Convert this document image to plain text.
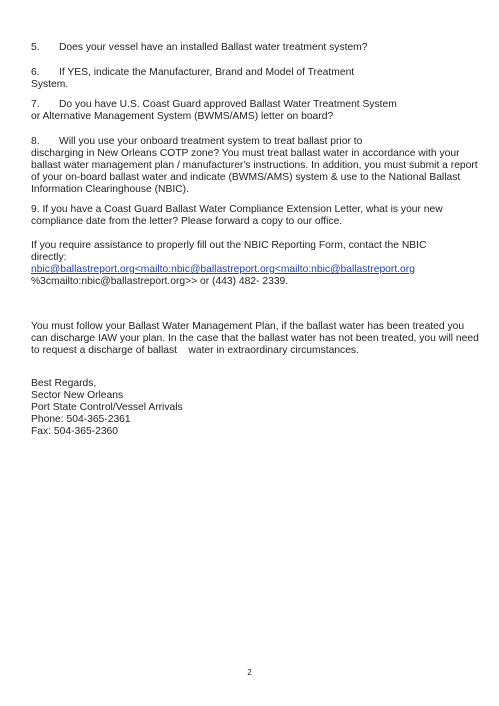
5. Does your vessel have an installed Ballast water treatment system?
6. If YES, indicate the Manufacturer, Brand and Model of Treatment
System.
7. Do you have U.S. Coast Guard approved Ballast Water Treatment System
or Alternative Management System (BWMS/AMS) letter on board?
8. Will you use your onboard treatment system to treat ballast prior to
discharging in New Orleans COTP zone? You must treat ballast water in accordance with your
ballast water management plan / manufacturer's instructions. In addition, you must submit a report
of your on-board ballast water and indicate (BWMS/AMS) system & use to the National Ballast
Information Clearinghouse (NBIC).
9. If you have a Coast Guard Ballast Water Compliance Extension Letter, what is your new
compliance date from the letter? Please forward a copy to our office.
If you require assistance to properly fill out the NBIC Reporting Form, contact the NBIC
directly:
nbic@ballastreport.org<mailto:nbic@ballastreport.org<mailto:nbic@ballastreport.org
%3cmailto:nbic@ballastreport.org>> or (443) 482- 2339.
You must follow your Ballast Water Management Plan, if the ballast water has been treated you
can discharge IAW your plan. In the case that the ballast water has not been treated, you will need
to request a discharge of ballast    water in extraordinary circumstances.
Best Regards,
Sector New Orleans
Port State Control/Vessel Arrivals
Phone: 504-365-2361
Fax: 504-365-2360
2
